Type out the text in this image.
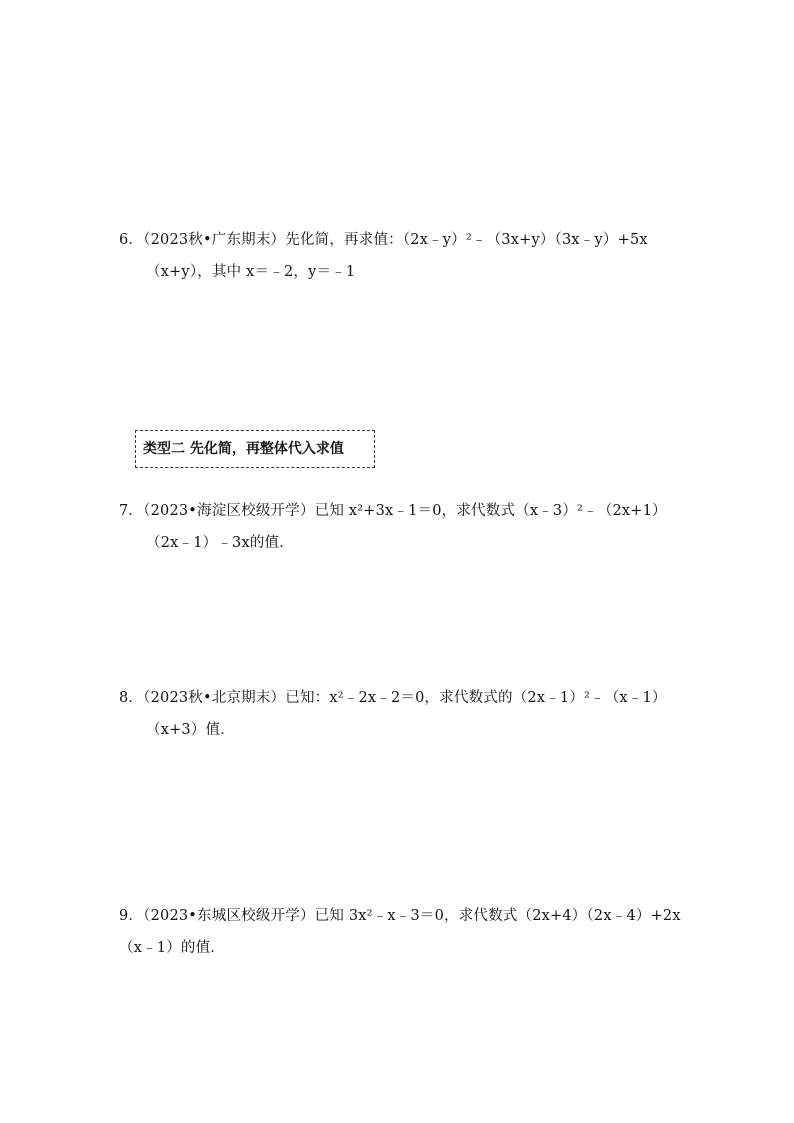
6．（2023秋•广东期末）先化简，再求值：（2x﹣y）²﹣（3x+y）（3x﹣y）+5x
（x+y），其中 x＝﹣2，y＝﹣1
类型二 先化简，再整体代入求值
7．（2023•海淀区校级开学）已知 x²+3x﹣1＝0，求代数式（x﹣3）²﹣（2x+1）
（2x﹣1）﹣3x的值．
8．（2023秋•北京期末）已知：x²﹣2x﹣2＝0，求代数式的（2x﹣1）²﹣（x﹣1）
（x+3）值．
9．（2023•东城区校级开学）已知 3x²﹣x﹣3＝0，求代数式（2x+4）（2x﹣4）+2x
（x﹣1）的值．
